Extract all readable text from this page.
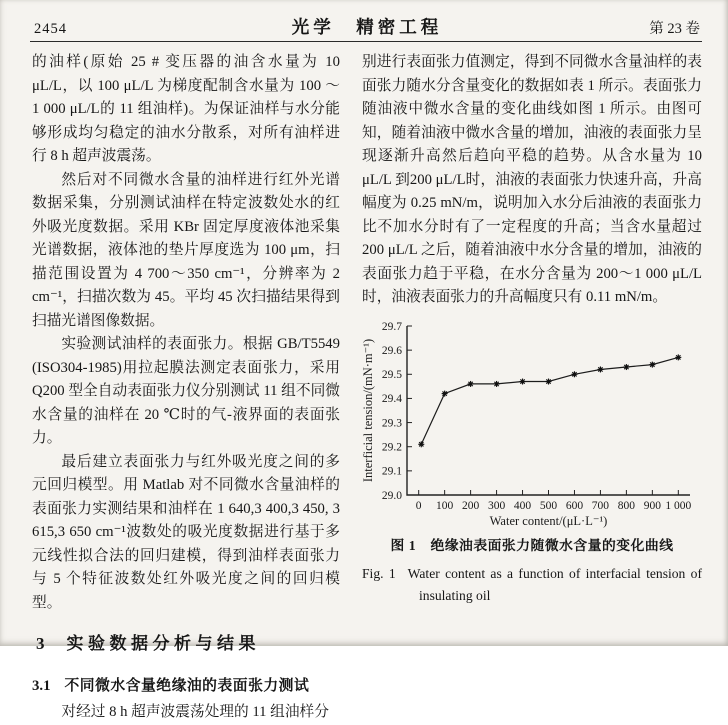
2454	光学　精密工程	第 23 卷

的油样(原始 25 # 变压器的油含水量为 10 μL/L，以 100 μL/L 为梯度配制含水量为 100 ～ 1 000 μL/L的 11 组油样)。为保证油样与水分能够形成均匀稳定的油水分散系，对所有油样进行 8 h 超声波震荡。

然后对不同微水含量的油样进行红外光谱数据采集，分别测试油样在特定波数处水的红外吸光度数据。采用 KBr 固定厚度液体池采集光谱数据，液体池的垫片厚度选为 100 μm，扫描范围设置为 4 700～350 cm⁻¹，分辨率为 2 cm⁻¹，扫描次数为 45。平均 45 次扫描结果得到扫描光谱图像数据。

实验测试油样的表面张力。根据 GB/T5549 (ISO304-1985)用拉起膜法测定表面张力，采用 Q200 型全自动表面张力仪分别测试 11 组不同微水含量的油样在 20 ℃时的气-液界面的表面张力。

最后建立表面张力与红外吸光度之间的多元回归模型。用 Matlab 对不同微水含量油样的表面张力实测结果和油样在 1 640,3 400,3 450, 3 615,3 650 cm⁻¹波数处的吸光度数据进行基于多元线性拟合法的回归建模，得到油样表面张力与 5 个特征波数处红外吸光度之间的回归模型。

3 实验数据分析与结果
3.1 不同微水含量绝缘油的表面张力测试

对经过 8 h 超声波震荡处理的 11 组油样分

别进行表面张力值测定，得到不同微水含量油样的表面张力随水分含量变化的数据如表 1 所示。表面张力随油液中微水含量的变化曲线如图 1 所示。由图可知，随着油液中微水含量的增加，油液的表面张力呈现逐渐升高然后趋向平稳的趋势。从含水量为 10 μL/L 到200 μL/L时，油液的表面张力快速升高，升高幅度为 0.25 mN/m，说明加入水分后油液的表面张力比不加水分时有了一定程度的升高；当含水量超过 200 μL/L 之后，随着油液中水分含量的增加，油液的表面张力趋于平稳，在水分含量为 200～1 000 μL/L 时，油液表面张力的升高幅度只有 0.11 mN/m。

29.0
29.1
29.2
29.3
29.4
29.5
29.6
29.7
0 100 200 300 400 500 600 700 800 900 1 000
Water content/(μL·L⁻¹)
Interficial tension/(mN·m⁻¹)
图 1　绝缘油表面张力随微水含量的变化曲线
Fig. 1 Water content as a function of interfacial tension of insulating oil
